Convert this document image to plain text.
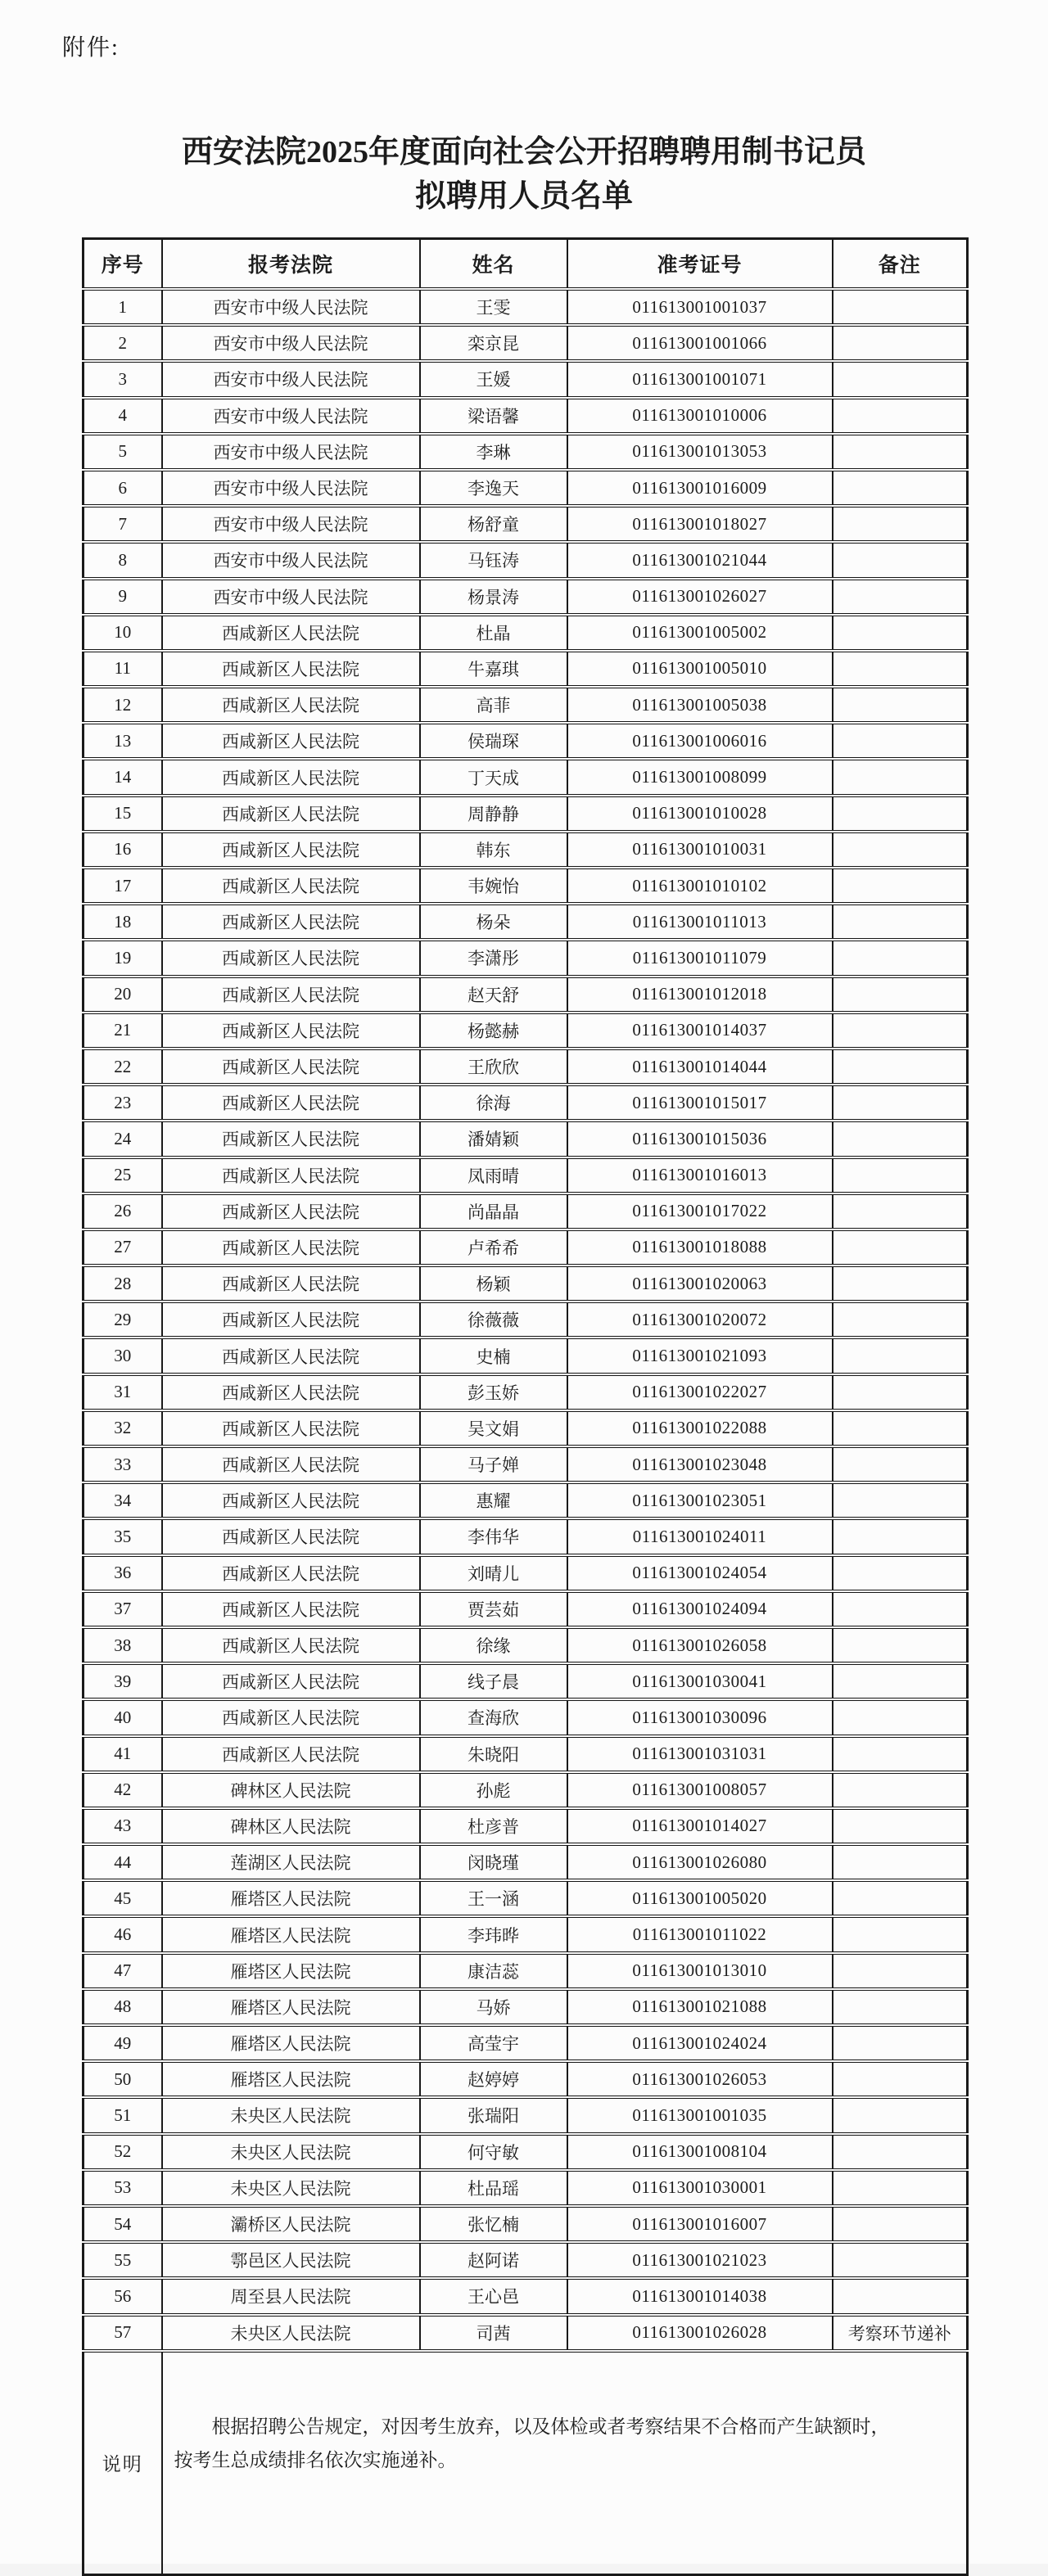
附件:
西安法院2025年度面向社会公开招聘聘用制书记员
拟聘用人员名单
序号	报考法院	姓名	准考证号	备注
1	西安市中级人民法院	王雯	011613001001037	
2	西安市中级人民法院	栾京昆	011613001001066	
3	西安市中级人民法院	王媛	011613001001071	
4	西安市中级人民法院	梁语馨	011613001010006	
5	西安市中级人民法院	李琳	011613001013053	
6	西安市中级人民法院	李逸天	011613001016009	
7	西安市中级人民法院	杨舒童	011613001018027	
8	西安市中级人民法院	马钰涛	011613001021044	
9	西安市中级人民法院	杨景涛	011613001026027	
10	西咸新区人民法院	杜晶	011613001005002	
11	西咸新区人民法院	牛嘉琪	011613001005010	
12	西咸新区人民法院	高菲	011613001005038	
13	西咸新区人民法院	侯瑞琛	011613001006016	
14	西咸新区人民法院	丁天成	011613001008099	
15	西咸新区人民法院	周静静	011613001010028	
16	西咸新区人民法院	韩东	011613001010031	
17	西咸新区人民法院	韦婉怡	011613001010102	
18	西咸新区人民法院	杨朵	011613001011013	
19	西咸新区人民法院	李潇彤	011613001011079	
20	西咸新区人民法院	赵天舒	011613001012018	
21	西咸新区人民法院	杨懿赫	011613001014037	
22	西咸新区人民法院	王欣欣	011613001014044	
23	西咸新区人民法院	徐海	011613001015017	
24	西咸新区人民法院	潘婧颖	011613001015036	
25	西咸新区人民法院	凤雨晴	011613001016013	
26	西咸新区人民法院	尚晶晶	011613001017022	
27	西咸新区人民法院	卢希希	011613001018088	
28	西咸新区人民法院	杨颖	011613001020063	
29	西咸新区人民法院	徐薇薇	011613001020072	
30	西咸新区人民法院	史楠	011613001021093	
31	西咸新区人民法院	彭玉娇	011613001022027	
32	西咸新区人民法院	吴文娟	011613001022088	
33	西咸新区人民法院	马子婵	011613001023048	
34	西咸新区人民法院	惠耀	011613001023051	
35	西咸新区人民法院	李伟华	011613001024011	
36	西咸新区人民法院	刘晴儿	011613001024054	
37	西咸新区人民法院	贾芸茹	011613001024094	
38	西咸新区人民法院	徐缘	011613001026058	
39	西咸新区人民法院	线子晨	011613001030041	
40	西咸新区人民法院	查海欣	011613001030096	
41	西咸新区人民法院	朱晓阳	011613001031031	
42	碑林区人民法院	孙彪	011613001008057	
43	碑林区人民法院	杜彦普	011613001014027	
44	莲湖区人民法院	闵晓瑾	011613001026080	
45	雁塔区人民法院	王一涵	011613001005020	
46	雁塔区人民法院	李玮晔	011613001011022	
47	雁塔区人民法院	康洁蕊	011613001013010	
48	雁塔区人民法院	马娇	011613001021088	
49	雁塔区人民法院	高莹宇	011613001024024	
50	雁塔区人民法院	赵婷婷	011613001026053	
51	未央区人民法院	张瑞阳	011613001001035	
52	未央区人民法院	何守敏	011613001008104	
53	未央区人民法院	杜品瑶	011613001030001	
54	灞桥区人民法院	张忆楠	011613001016007	
55	鄠邑区人民法院	赵阿诺	011613001021023	
56	周至县人民法院	王心邑	011613001014038	
57	未央区人民法院	司茜	011613001026028	考察环节递补
说明	根据招聘公告规定，对因考生放弃，以及体检或者考察结果不合格而产生缺额时，按考生总成绩排名依次实施递补。			
